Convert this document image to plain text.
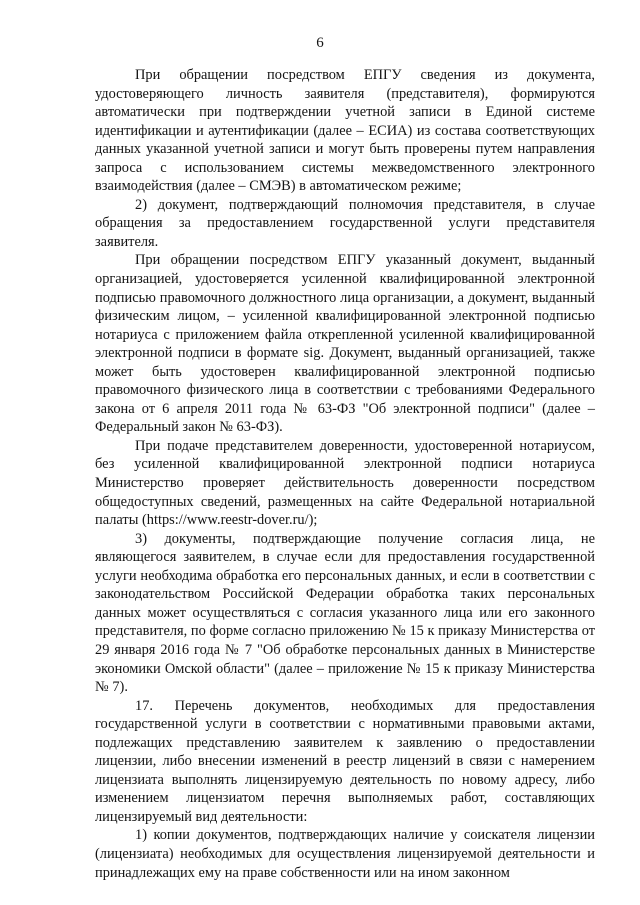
6

При обращении посредством ЕПГУ сведения из документа, удостоверяющего личность заявителя (представителя), формируются автоматически при подтверждении учетной записи в Единой системе идентификации и аутентификации (далее – ЕСИА) из состава соответствующих данных указанной учетной записи и могут быть проверены путем направления запроса с использованием системы межведомственного электронного взаимодействия (далее – СМЭВ) в автоматическом режиме;

2) документ, подтверждающий полномочия представителя, в случае обращения за предоставлением государственной услуги представителя заявителя.

При обращении посредством ЕПГУ указанный документ, выданный организацией, удостоверяется усиленной квалифицированной электронной подписью правомочного должностного лица организации, а документ, выданный физическим лицом, – усиленной квалифицированной электронной подписью нотариуса с приложением файла открепленной усиленной квалифицированной электронной подписи в формате sig. Документ, выданный организацией, также может быть удостоверен квалифицированной электронной подписью правомочного физического лица в соответствии с требованиями Федерального закона от 6 апреля 2011 года № 63-ФЗ "Об электронной подписи" (далее – Федеральный закон № 63-ФЗ).

При подаче представителем доверенности, удостоверенной нотариусом, без усиленной квалифицированной электронной подписи нотариуса Министерство проверяет действительность доверенности посредством общедоступных сведений, размещенных на сайте Федеральной нотариальной палаты (https://www.reestr-dover.ru/);

3) документы, подтверждающие получение согласия лица, не являющегося заявителем, в случае если для предоставления государственной услуги необходима обработка его персональных данных, и если в соответствии с законодательством Российской Федерации обработка таких персональных данных может осуществляться с согласия указанного лица или его законного представителя, по форме согласно приложению № 15 к приказу Министерства от 29 января 2016 года № 7 "Об обработке персональных данных в Министерстве экономики Омской области" (далее – приложение № 15 к приказу Министерства № 7).

17. Перечень документов, необходимых для предоставления государственной услуги в соответствии с нормативными правовыми актами, подлежащих представлению заявителем к заявлению о предоставлении лицензии, либо внесении изменений в реестр лицензий в связи с намерением лицензиата выполнять лицензируемую деятельность по новому адресу, либо изменением лицензиатом перечня выполняемых работ, составляющих лицензируемый вид деятельности:

1) копии документов, подтверждающих наличие у соискателя лицензии (лицензиата) необходимых для осуществления лицензируемой деятельности и принадлежащих ему на праве собственности или на ином законном
